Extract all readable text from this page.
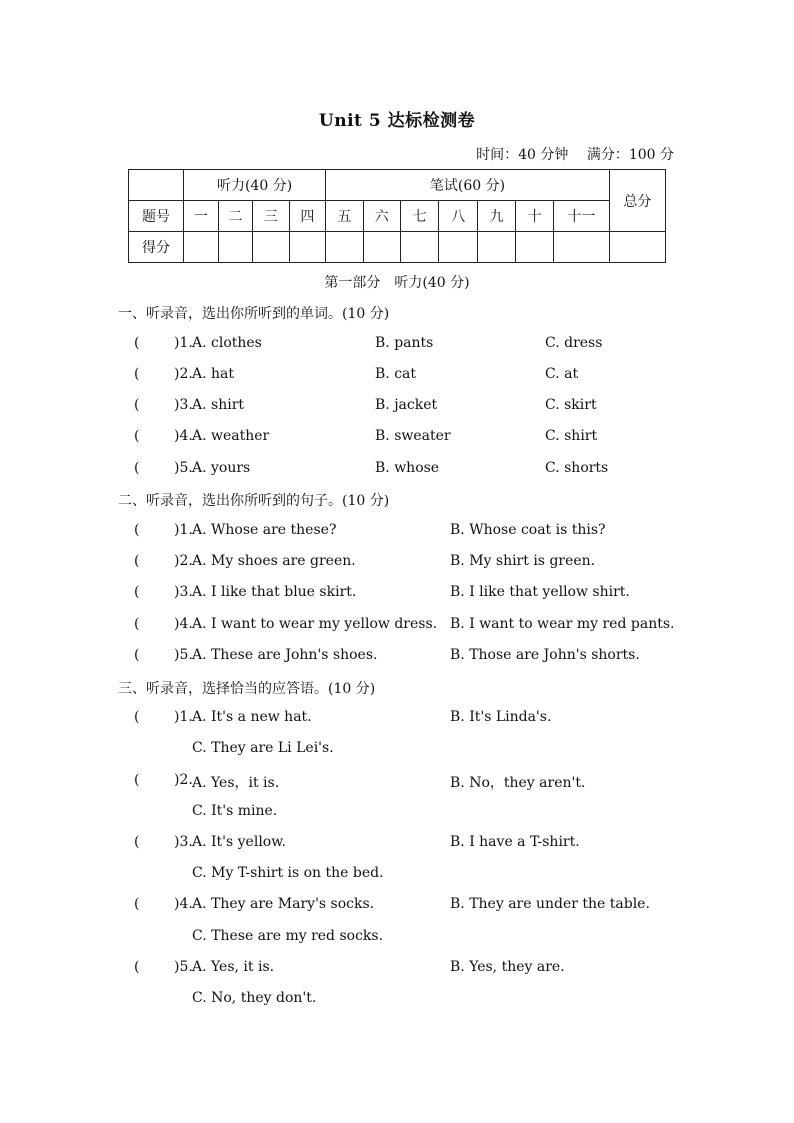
Unit 5 达标检测卷
时间：40 分钟 满分：100 分
	听力(40 分)				笔试(60 分)							总分
题号	一	二	三	四	五	六	七	八	九	十	十一	
得分												
第一部分　听力(40 分)
一、听录音，选出你所听到的单词。(10 分)
( )1. A. clothes	B. pants	C. dress
( )2. A. hat	B. cat	C. at
( )3. A. shirt	B. jacket	C. skirt
( )4. A. weather	B. sweater	C. shirt
( )5. A. yours	B. whose	C. shorts
二、听录音，选出你所听到的句子。(10 分)
( )1. A. Whose are these?	B. Whose coat is this?
( )2. A. My shoes are green.	B. My shirt is green.
( )3. A. I like that blue skirt.	B. I like that yellow shirt.
( )4. A. I want to wear my yellow dress. B. I want to wear my red pants.
( )5. A. These are John's shoes.	B. Those are John's shorts.
三、听录音，选择恰当的应答语。(10 分)
( )1. A. It's a new hat.	B. It's Linda's.
C. They are Li Lei's.
( )2. A. Yes，it is.	B. No，they aren't.
C. It's mine.
( )3. A. It's yellow.	B. I have a T-shirt.
C. My T-shirt is on the bed.
( )4. A. They are Mary's socks.	B. They are under the table.
C. These are my red socks.
( )5. A. Yes, it is.	B. Yes, they are.
C. No, they don't.
